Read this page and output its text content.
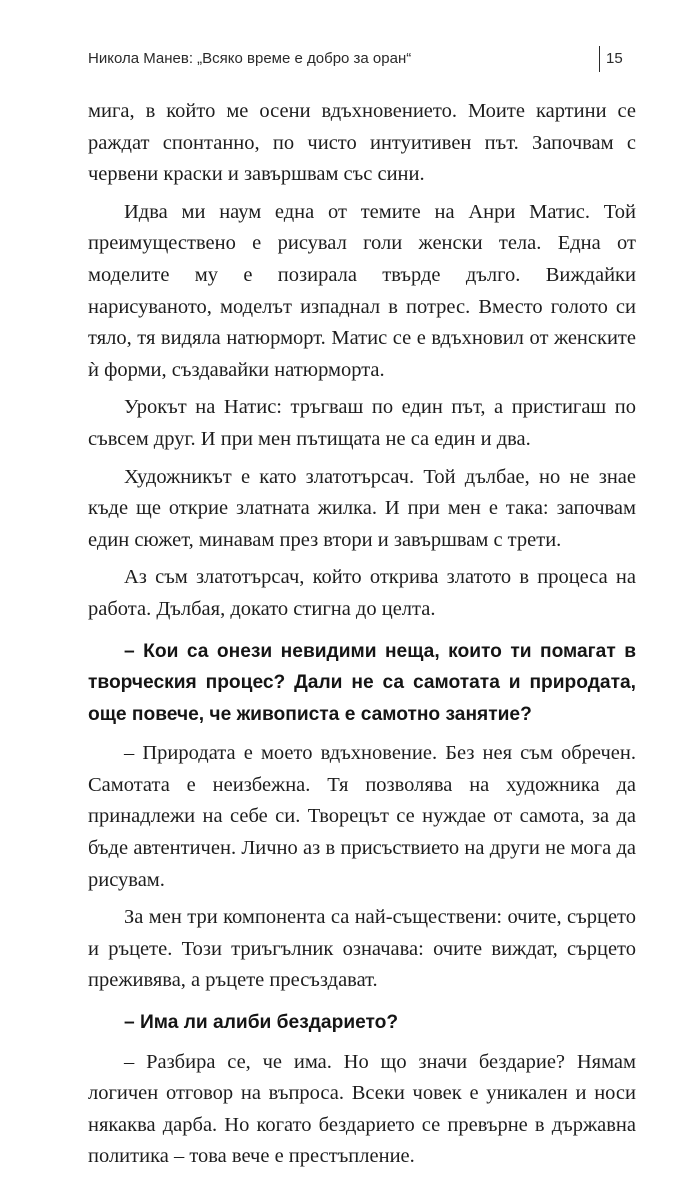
Никола Манев: „Всяко време е добро за оран“	15

мига, в който ме осени вдъхновението. Моите картини се раждат спонтанно, по чисто интуитивен път. Започвам с червени краски и завършвам със сини.

Идва ми наум една от темите на Анри Матис. Той преимуществено е рисувал голи женски тела. Една от моделите му е позирала твърде дълго. Виждайки нарисуваното, моделът изпаднал в потрес. Вместо голото си тяло, тя видяла натюрморт. Матис се е вдъхновил от женските ѝ форми, създавайки натюрморта.

Урокът на Натис: тръгваш по един път, а пристигаш по съвсем друг. И при мен пътищата не са един и два.

Художникът е като златотърсач. Той дълбае, но не знае къде ще открие златната жилка. И при мен е така: започвам един сюжет, минавам през втори и завършвам с трети.

Аз съм златотърсач, който открива златото в процеса на работа. Дълбая, докато стигна до целта.

– Кои са онези невидими неща, които ти помагат в творческия процес? Дали не са самотата и природата, още повече, че живописта е самотно занятие?

– Природата е моето вдъхновение. Без нея съм обречен. Самотата е неизбежна. Тя позволява на художника да принадлежи на себе си. Творецът се нуждае от самота, за да бъде автентичен. Лично аз в присъствието на други не мога да рисувам.

За мен три компонента са най-съществени: очите, сърцето и ръцете. Този триъгълник означава: очите виждат, сърцето преживява, а ръцете пресъздават.

– Има ли алиби бездарието?

– Разбира се, че има. Но що значи бездарие? Нямам логичен отговор на въпроса. Всеки човек е уникален и носи някаква дарба. Но когато бездарието се превърне в държавна политика – това вече е престъпление.
